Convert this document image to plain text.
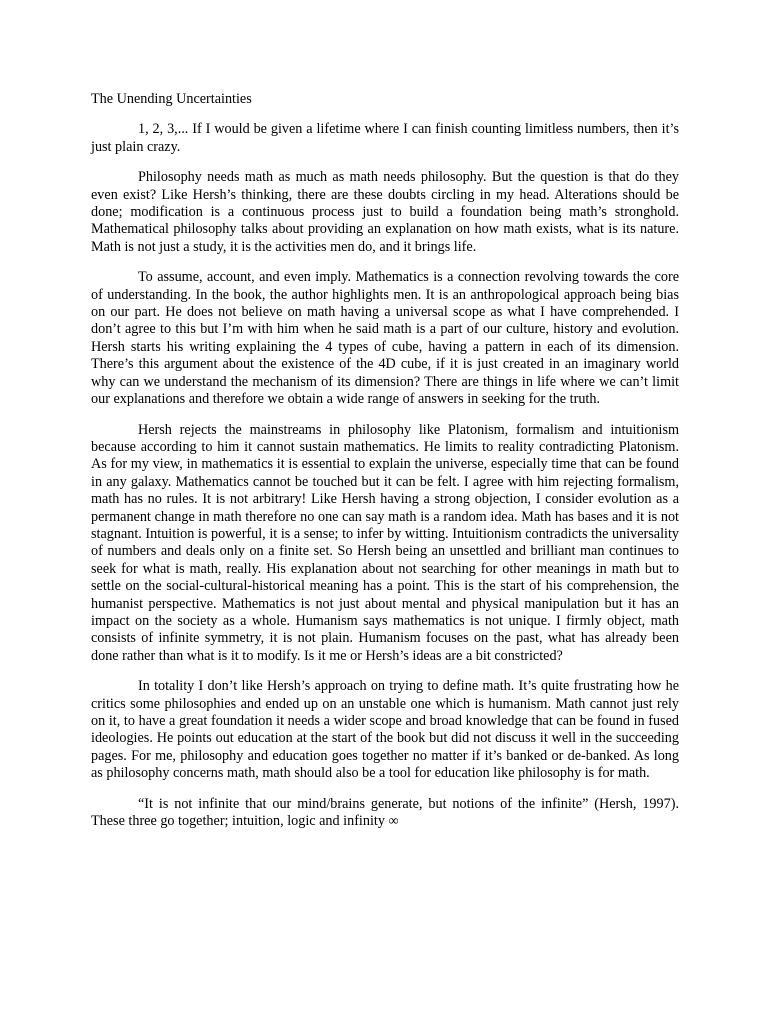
The Unending Uncertainties

1, 2, 3,... If I would be given a lifetime where I can finish counting limitless numbers, then it’s just plain crazy.

Philosophy needs math as much as math needs philosophy. But the question is that do they even exist? Like Hersh’s thinking, there are these doubts circling in my head. Alterations should be done; modification is a continuous process just to build a foundation being math’s stronghold. Mathematical philosophy talks about providing an explanation on how math exists, what is its nature. Math is not just a study, it is the activities men do, and it brings life.

To assume, account, and even imply. Mathematics is a connection revolving towards the core of understanding. In the book, the author highlights men. It is an anthropological approach being bias on our part. He does not believe on math having a universal scope as what I have comprehended. I don’t agree to this but I’m with him when he said math is a part of our culture, history and evolution. Hersh starts his writing explaining the 4 types of cube, having a pattern in each of its dimension. There’s this argument about the existence of the 4D cube, if it is just created in an imaginary world why can we understand the mechanism of its dimension? There are things in life where we can’t limit our explanations and therefore we obtain a wide range of answers in seeking for the truth.

Hersh rejects the mainstreams in philosophy like Platonism, formalism and intuitionism because according to him it cannot sustain mathematics. He limits to reality contradicting Platonism. As for my view, in mathematics it is essential to explain the universe, especially time that can be found in any galaxy. Mathematics cannot be touched but it can be felt. I agree with him rejecting formalism, math has no rules. It is not arbitrary! Like Hersh having a strong objection, I consider evolution as a permanent change in math therefore no one can say math is a random idea. Math has bases and it is not stagnant. Intuition is powerful, it is a sense; to infer by witting. Intuitionism contradicts the universality of numbers and deals only on a finite set. So Hersh being an unsettled and brilliant man continues to seek for what is math, really. His explanation about not searching for other meanings in math but to settle on the social-cultural-historical meaning has a point. This is the start of his comprehension, the humanist perspective. Mathematics is not just about mental and physical manipulation but it has an impact on the society as a whole. Humanism says mathematics is not unique. I firmly object, math consists of infinite symmetry, it is not plain. Humanism focuses on the past, what has already been done rather than what is it to modify. Is it me or Hersh’s ideas are a bit constricted?

In totality I don’t like Hersh’s approach on trying to define math. It’s quite frustrating how he critics some philosophies and ended up on an unstable one which is humanism. Math cannot just rely on it, to have a great foundation it needs a wider scope and broad knowledge that can be found in fused ideologies. He points out education at the start of the book but did not discuss it well in the succeeding pages. For me, philosophy and education goes together no matter if it’s banked or de-banked. As long as philosophy concerns math, math should also be a tool for education like philosophy is for math.

“It is not infinite that our mind/brains generate, but notions of the infinite” (Hersh, 1997). These three go together; intuition, logic and infinity ∞
